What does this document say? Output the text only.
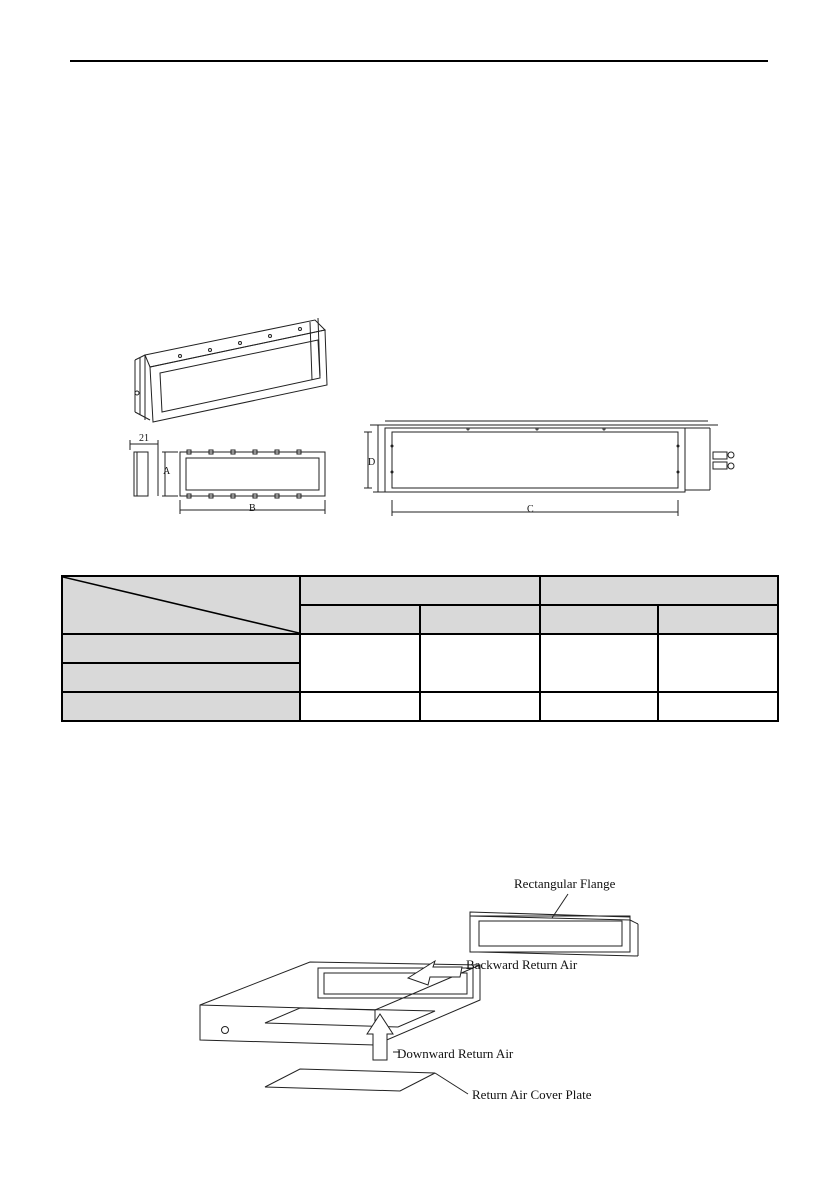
21
A
B	C
D

Rectangular Flange
Backward Return Air
Downward Return Air
Return Air Cover Plate
